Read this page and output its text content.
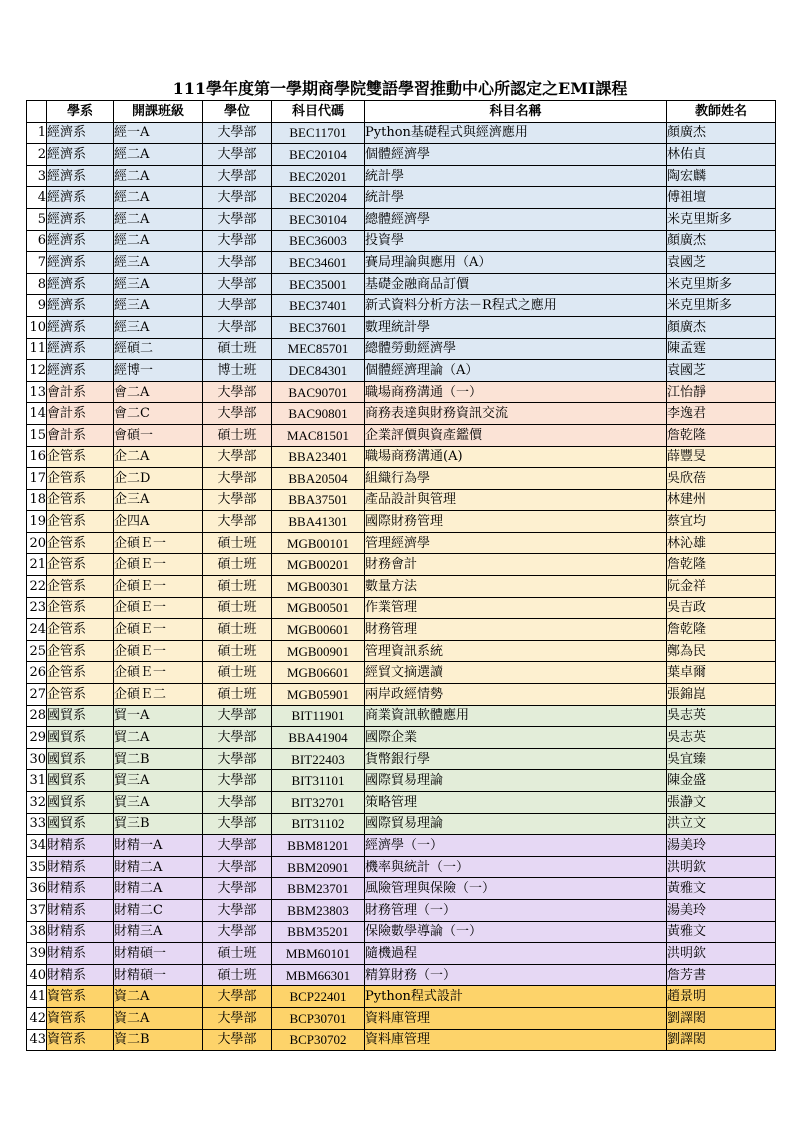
111學年度第一學期商學院雙語學習推動中心所認定之EMI課程
	學系	開課班級	學位	科目代碼	科目名稱	教師姓名
1	經濟系	經一A	大學部	BEC11701	Python基礎程式與經濟應用	顏廣杰
2	經濟系	經二A	大學部	BEC20104	個體經濟學	林佑貞
3	經濟系	經二A	大學部	BEC20201	統計學	陶宏麟
4	經濟系	經二A	大學部	BEC20204	統計學	傅祖壇
5	經濟系	經二A	大學部	BEC30104	總體經濟學	米克里斯多
6	經濟系	經二A	大學部	BEC36003	投資學	顏廣杰
7	經濟系	經三A	大學部	BEC34601	賽局理論與應用（A）	袁國芝
8	經濟系	經三A	大學部	BEC35001	基礎金融商品訂價	米克里斯多
9	經濟系	經三A	大學部	BEC37401	新式資料分析方法－R程式之應用	米克里斯多
10	經濟系	經三A	大學部	BEC37601	數理統計學	顏廣杰
11	經濟系	經碩二	碩士班	MEC85701	總體勞動經濟學	陳孟霆
12	經濟系	經博一	博士班	DEC84301	個體經濟理論（A）	袁國芝
13	會計系	會二A	大學部	BAC90701	職場商務溝通（一）	江怡靜
14	會計系	會二C	大學部	BAC90801	商務表達與財務資訊交流	李逸君
15	會計系	會碩一	碩士班	MAC81501	企業評價與資產鑑價	詹乾隆
16	企管系	企二A	大學部	BBA23401	職場商務溝通(A)	薛豐旻
17	企管系	企二D	大學部	BBA20504	組織行為學	吳欣蓓
18	企管系	企三A	大學部	BBA37501	產品設計與管理	林建州
19	企管系	企四A	大學部	BBA41301	國際財務管理	蔡宜均
20	企管系	企碩Ｅ一	碩士班	MGB00101	管理經濟學	林沁雄
21	企管系	企碩Ｅ一	碩士班	MGB00201	財務會計	詹乾隆
22	企管系	企碩Ｅ一	碩士班	MGB00301	數量方法	阮金祥
23	企管系	企碩Ｅ一	碩士班	MGB00501	作業管理	吳吉政
24	企管系	企碩Ｅ一	碩士班	MGB00601	財務管理	詹乾隆
25	企管系	企碩Ｅ一	碩士班	MGB00901	管理資訊系統	鄭為民
26	企管系	企碩Ｅ一	碩士班	MGB06601	經貿文摘選讀	葉卓爾
27	企管系	企碩Ｅ二	碩士班	MGB05901	兩岸政經情勢	張錦崑
28	國貿系	貿一A	大學部	BIT11901	商業資訊軟體應用	吳志英
29	國貿系	貿二A	大學部	BBA41904	國際企業	吳志英
30	國貿系	貿二B	大學部	BIT22403	貨幣銀行學	吳宜臻
31	國貿系	貿三A	大學部	BIT31101	國際貿易理論	陳金盛
32	國貿系	貿三A	大學部	BIT32701	策略管理	張瀞文
33	國貿系	貿三B	大學部	BIT31102	國際貿易理論	洪立文
34	財精系	財精一A	大學部	BBM81201	經濟學（一）	湯美玲
35	財精系	財精二A	大學部	BBM20901	機率與統計（一）	洪明欽
36	財精系	財精二A	大學部	BBM23701	風險管理與保險（一）	黃雅文
37	財精系	財精二C	大學部	BBM23803	財務管理（一）	湯美玲
38	財精系	財精三A	大學部	BBM35201	保險數學導論（一）	黃雅文
39	財精系	財精碩一	碩士班	MBM60101	隨機過程	洪明欽
40	財精系	財精碩一	碩士班	MBM66301	精算財務（一）	詹芳書
41	資管系	資二A	大學部	BCP22401	Python程式設計	趙景明
42	資管系	資二A	大學部	BCP30701	資料庫管理	劉譯閎
43	資管系	資二B	大學部	BCP30702	資料庫管理	劉譯閎
